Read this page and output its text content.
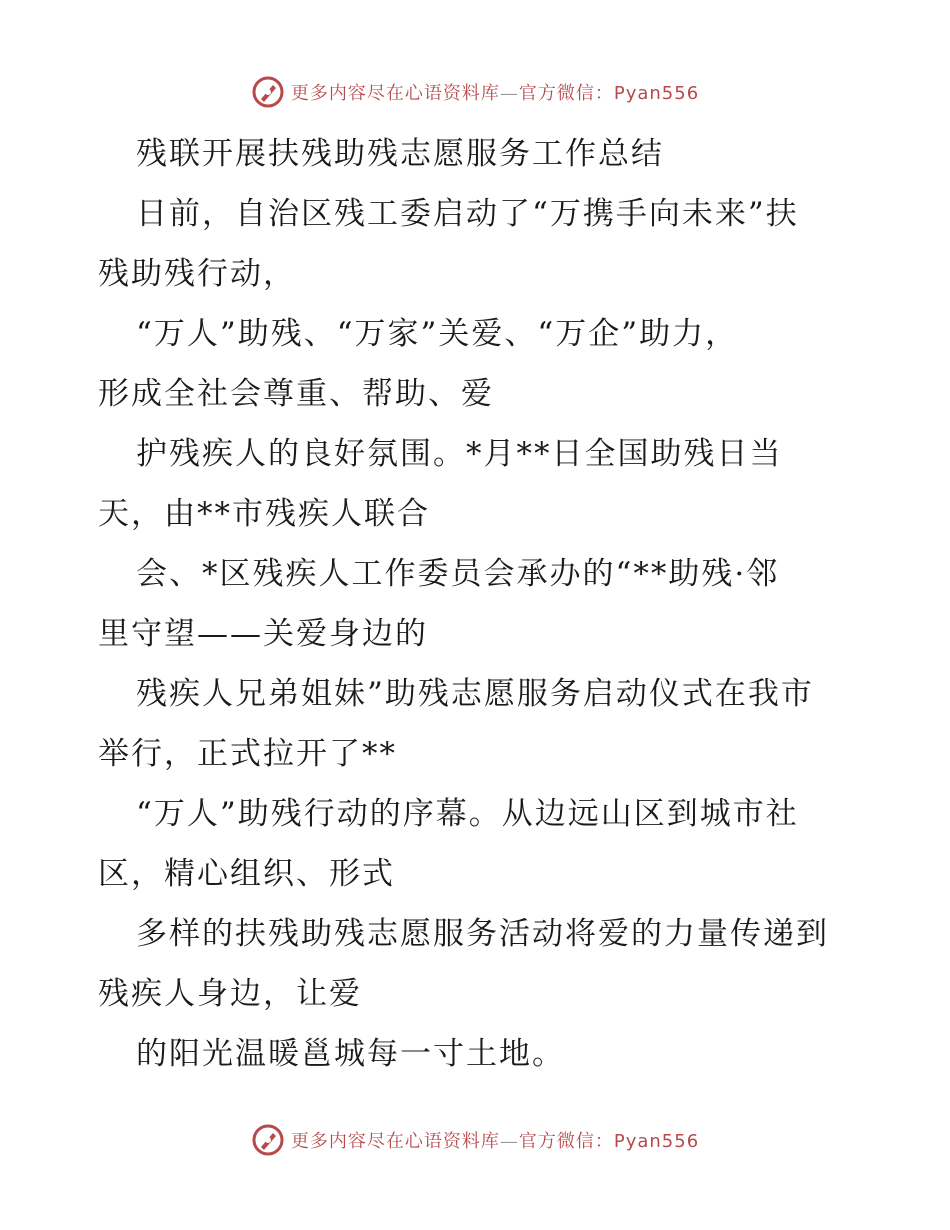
更多内容尽在心语资料库—官方微信：Pyan556
残联开展扶残助残志愿服务工作总结
日前，自治区残工委启动了“万携手向未来”扶
残助残行动，
“万人”助残、“万家”关爱、“万企”助力，
形成全社会尊重、帮助、爱
护残疾人的良好氛围。*月**日全国助残日当
天，由**市残疾人联合
会、*区残疾人工作委员会承办的“**助残·邻
里守望——关爱身边的
残疾人兄弟姐妹”助残志愿服务启动仪式在我市
举行，正式拉开了**
“万人”助残行动的序幕。从边远山区到城市社
区，精心组织、形式
多样的扶残助残志愿服务活动将爱的力量传递到
残疾人身边，让爱
的阳光温暖邕城每一寸土地。
更多内容尽在心语资料库—官方微信：Pyan556
